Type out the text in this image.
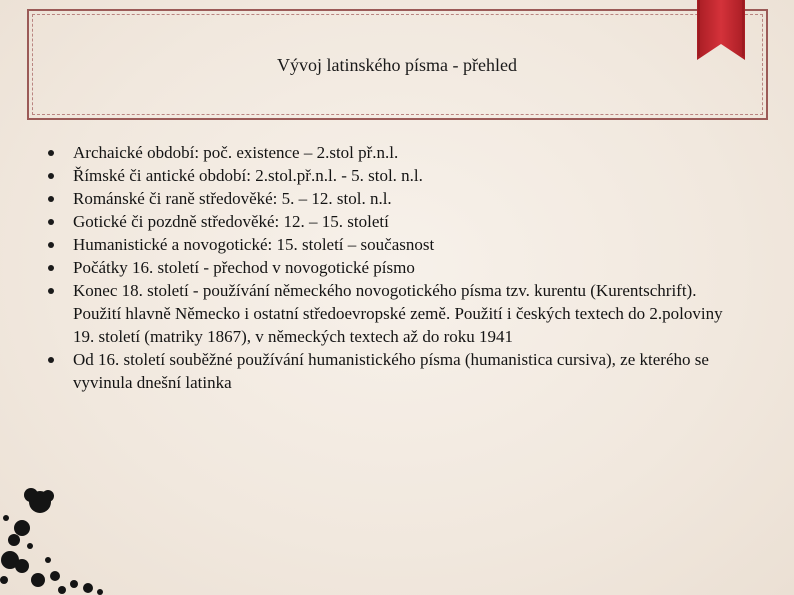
Vývoj latinského písma - přehled
Archaické období: poč. existence – 2.stol př.n.l.
Římské či antické období: 2.stol.př.n.l. - 5. stol. n.l.
Románské či raně středověké: 5. – 12. stol. n.l.
Gotické či pozdně středověké: 12. – 15. století
Humanistické a novogotické: 15. století – současnost
Počátky 16. století - přechod v novogotické písmo
Konec 18. století - používání německého novogotického písma tzv. kurentu (Kurentschrift). Použití hlavně Německo i ostatní středoevropské země. Použití i českých textech do 2.poloviny 19. století (matriky 1867), v německých textech až do roku 1941
Od 16. století souběžné používání humanistického písma (humanistica cursiva), ze kterého se vyvinula dnešní latinka
